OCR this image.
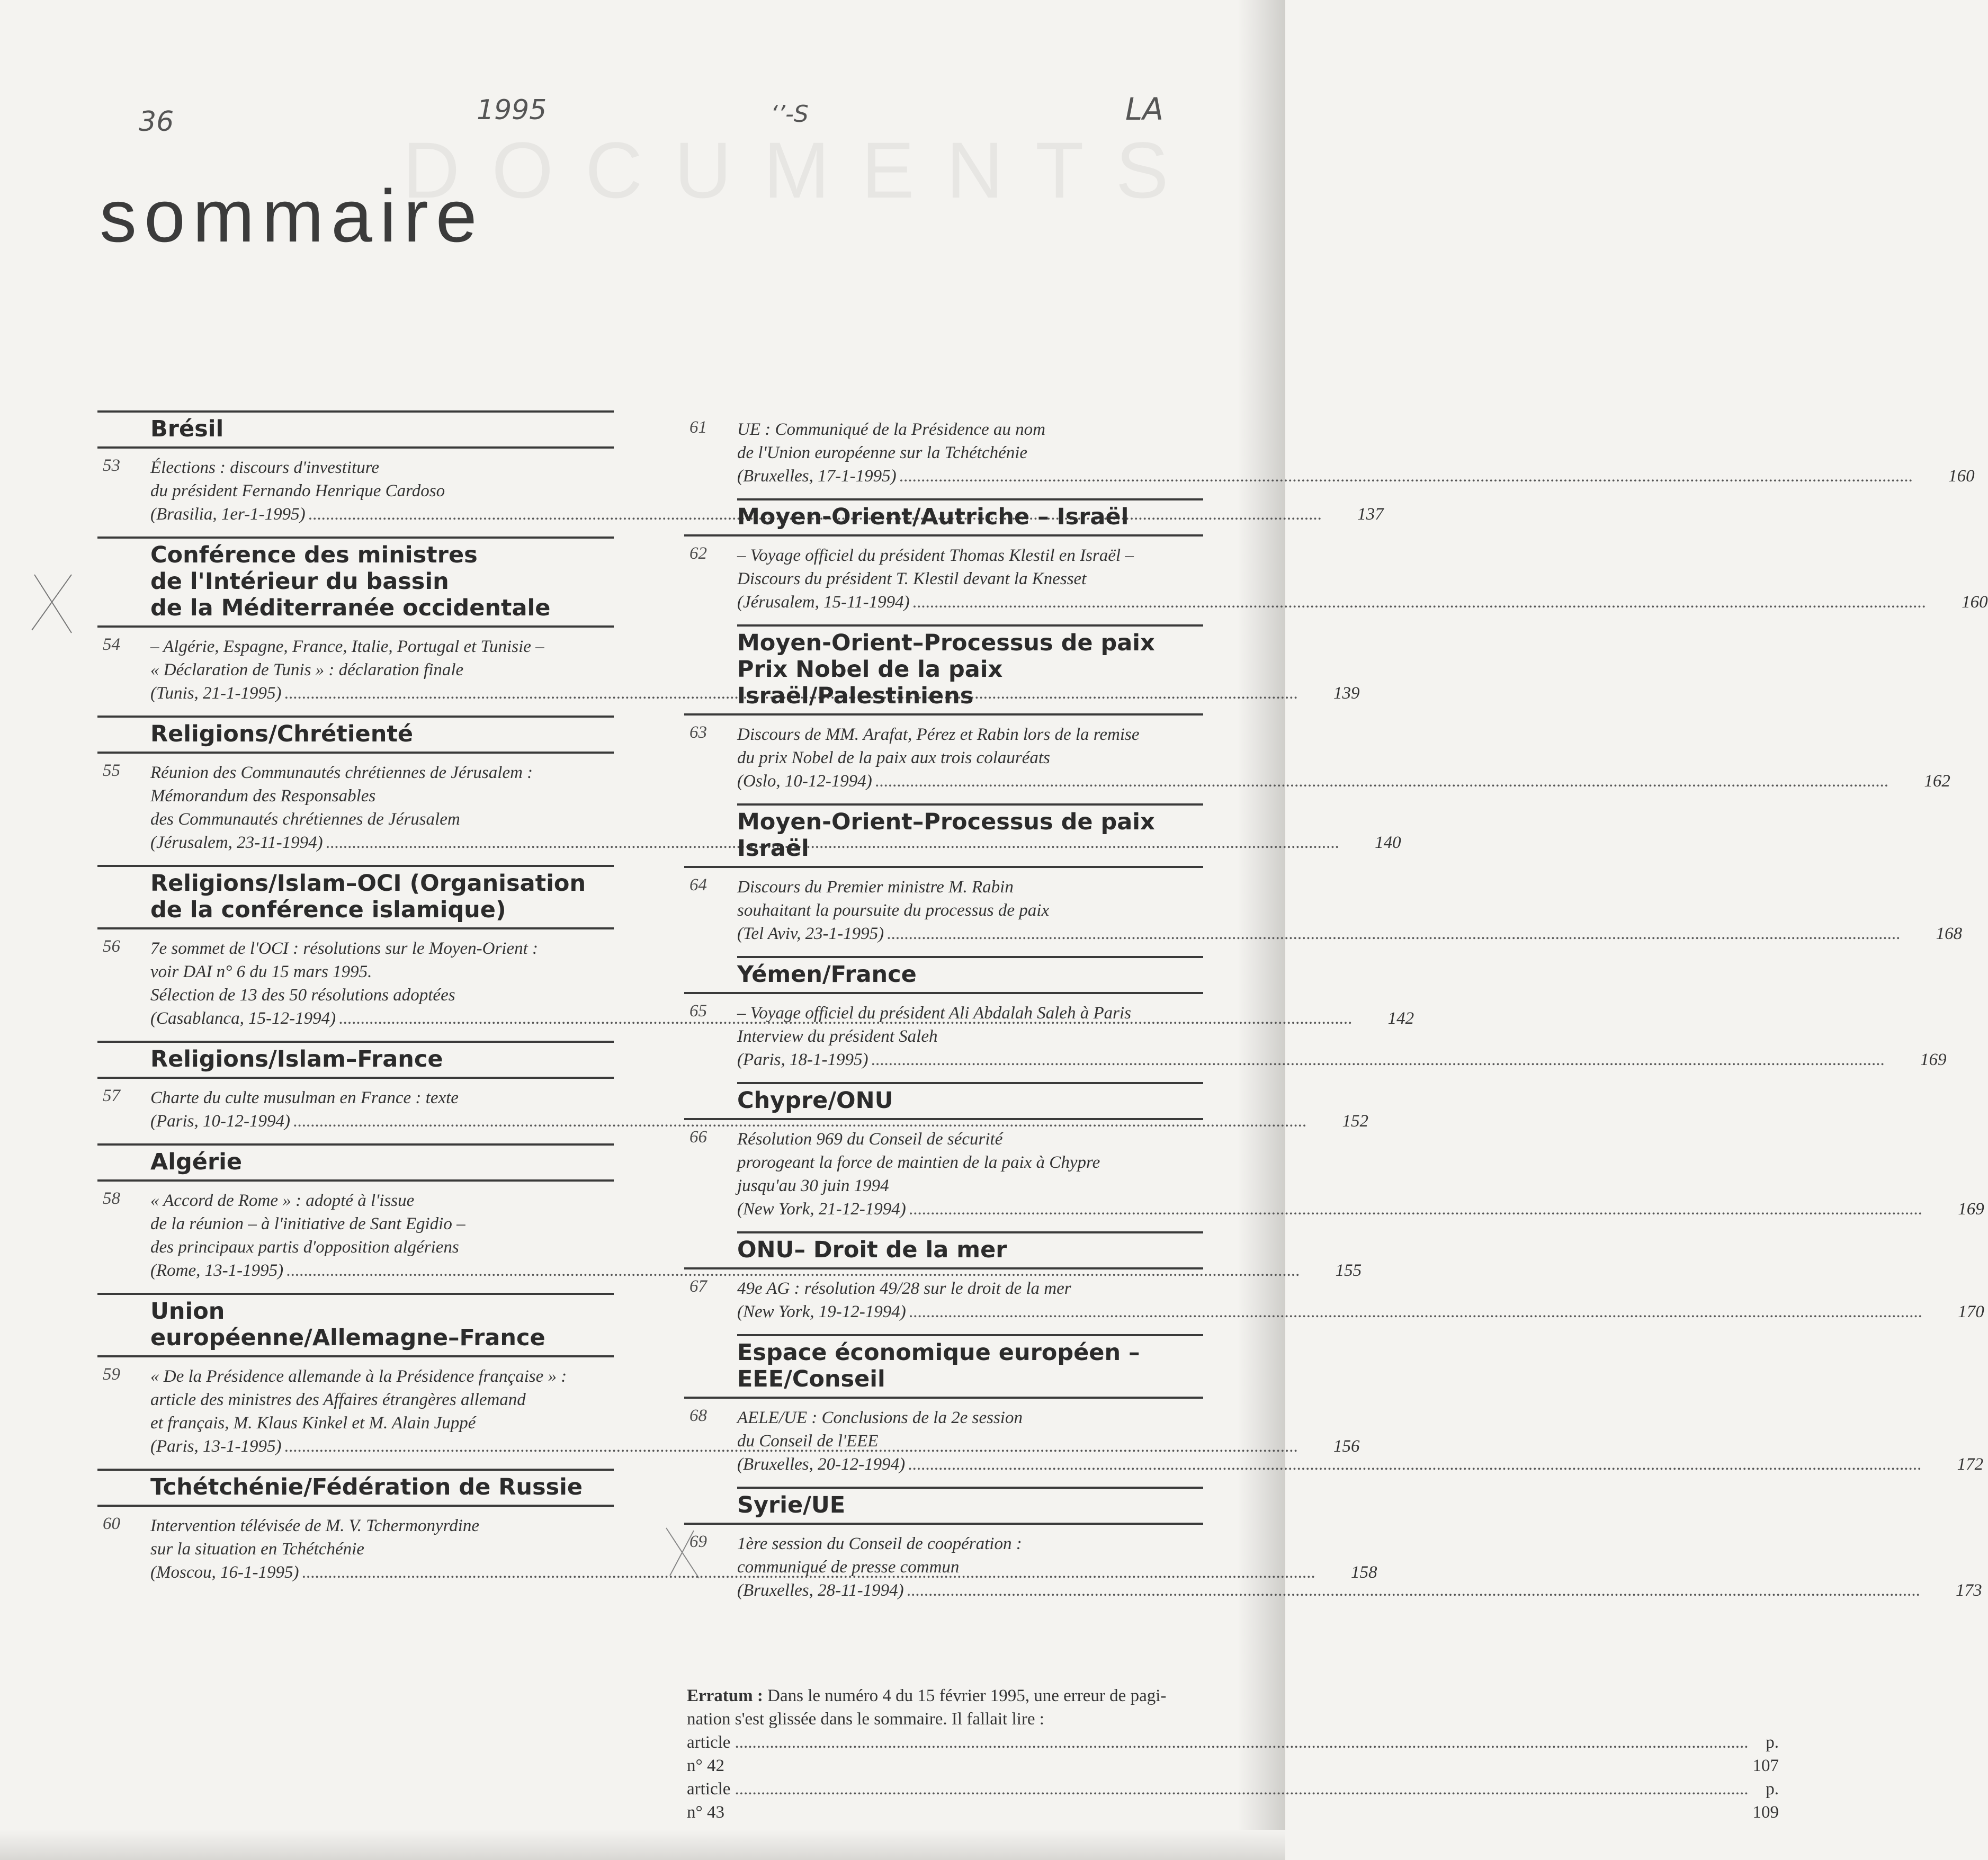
DOCUMENTS
36	1995	‘’-S	LA
sommaire
Brésil
53	Élections : discours d'investiture
du président Fernando Henrique Cardoso
(Brasilia, 1er-1-1995) .....	137
Conférence des ministres
de l'Intérieur du bassin
de la Méditerranée occidentale
54	– Algérie, Espagne, France, Italie, Portugal et Tunisie –
« Déclaration de Tunis » : déclaration finale
(Tunis, 21-1-1995) .....	139
Religions/Chrétienté
55	Réunion des Communautés chrétiennes de Jérusalem :
Mémorandum des Responsables
des Communautés chrétiennes de Jérusalem
(Jérusalem, 23-11-1994) .....	140
Religions/Islam–OCI (Organisation
de la conférence islamique)
56	7e sommet de l'OCI : résolutions sur le Moyen-Orient :
voir DAI n° 6 du 15 mars 1995.
Sélection de 13 des 50 résolutions adoptées
(Casablanca, 15-12-1994) .....	142
Religions/Islam–France
57	Charte du culte musulman en France : texte
(Paris, 10-12-1994) .....	152
Algérie
58	« Accord de Rome » : adopté à l'issue
de la réunion – à l'initiative de Sant Egidio –
des principaux partis d'opposition algériens
(Rome, 13-1-1995) .....	155
Union
européenne/Allemagne–France
59	« De la Présidence allemande à la Présidence française » :
article des ministres des Affaires étrangères allemand
et français, M. Klaus Kinkel et M. Alain Juppé
(Paris, 13-1-1995) .....	156
Tchétchénie/Fédération de Russie
60	Intervention télévisée de M. V. Tchermonyrdine
sur la situation en Tchétchénie
(Moscou, 16-1-1995) .....	158
61	UE : Communiqué de la Présidence au nom
de l'Union européenne sur la Tchétchénie
(Bruxelles, 17-1-1995) .....	160
Moyen-Orient/Autriche – Israël
62	– Voyage officiel du président Thomas Klestil en Israël –
Discours du président T. Klestil devant la Knesset
(Jérusalem, 15-11-1994) .....	160
Moyen-Orient–Processus de paix
Prix Nobel de la paix
Israël/Palestiniens
63	Discours de MM. Arafat, Pérez et Rabin lors de la remise
du prix Nobel de la paix aux trois colauréats
(Oslo, 10-12-1994) .....	162
Moyen-Orient–Processus de paix
Israël
64	Discours du Premier ministre M. Rabin
souhaitant la poursuite du processus de paix
(Tel Aviv, 23-1-1995) .....	168
Yémen/France
65	– Voyage officiel du président Ali Abdalah Saleh à Paris
Interview du président Saleh
(Paris, 18-1-1995) .....	169
Chypre/ONU
66	Résolution 969 du Conseil de sécurité
prorogeant la force de maintien de la paix à Chypre
jusqu'au 30 juin 1994
(New York, 21-12-1994) .....	169
ONU– Droit de la mer
67	49e AG : résolution 49/28 sur le droit de la mer
(New York, 19-12-1994) .....	170
Espace économique européen –
EEE/Conseil
68	AELE/UE : Conclusions de la 2e session
du Conseil de l'EEE
(Bruxelles, 20-12-1994) .....	172
Syrie/UE
69	1ère session du Conseil de coopération :
communiqué de presse commun
(Bruxelles, 28-11-1994) .....	173
Erratum : Dans le numéro 4 du 15 février 1995, une erreur de pagi-
nation s'est glissée dans le sommaire. Il fallait lire :
article n° 42
.....
p. 107
article n° 43
.....
p. 109
